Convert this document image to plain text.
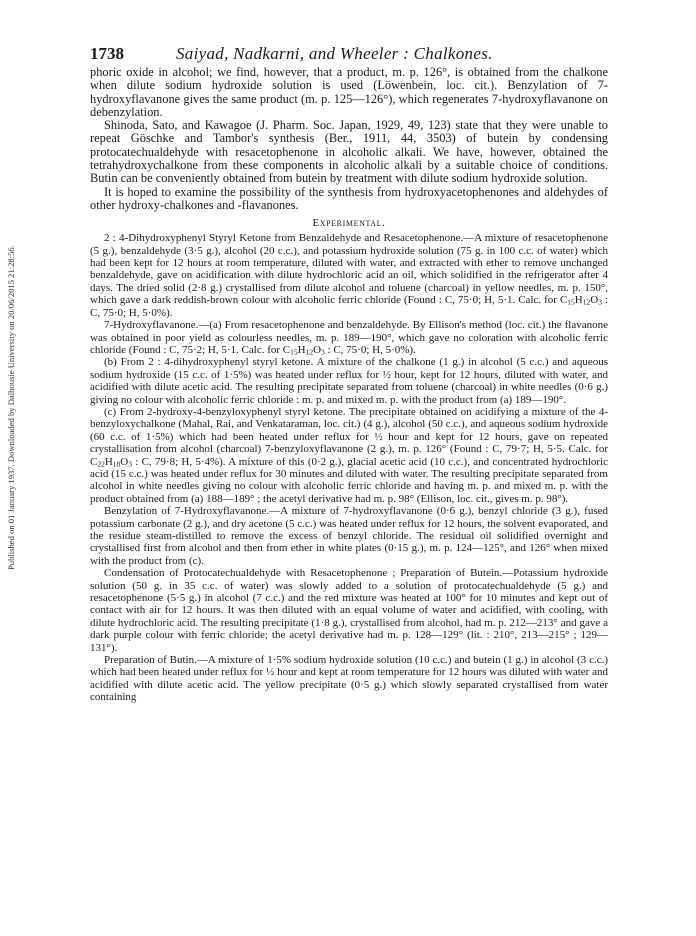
Published on 01 January 1937. Downloaded by Dalhousie University on 20/06/2015 21:28:56.
1738	Saiyad, Nadkarni, and Wheeler : Chalkones.

phoric oxide in alcohol; we find, however, that a product, m. p. 126°, is obtained from the chalkone when dilute sodium hydroxide solution is used (Löwenbein, loc. cit.). Benzylation of 7-hydroxyflavanone gives the same product (m. p. 125—126°), which regenerates 7-hydroxyflavanone on debenzylation.

Shinoda, Sato, and Kawagoe (J. Pharm. Soc. Japan, 1929, 49, 123) state that they were unable to repeat Göschke and Tambor's synthesis (Ber., 1911, 44, 3503) of butein by condensing protocatechualdehyde with resacetophenone in alcoholic alkali. We have, however, obtained the tetrahydroxychalkone from these components in alcoholic alkali by a suitable choice of conditions. Butin can be conveniently obtained from butein by treatment with dilute sodium hydroxide solution.

It is hoped to examine the possibility of the synthesis from hydroxyacetophenones and aldehydes of other hydroxy-chalkones and -flavanones.

Experimental.

2 : 4-Dihydroxyphenyl Styryl Ketone from Benzaldehyde and Resacetophenone.—A mixture of resacetophenone (5 g.), benzaldehyde (3·5 g.), alcohol (20 c.c.), and potassium hydroxide solution (75 g. in 100 c.c. of water) which had been kept for 12 hours at room temperature, diluted with water, and extracted with ether to remove unchanged benzaldehyde, gave on acidification with dilute hydrochloric acid an oil, which solidified in the refrigerator after 4 days. The dried solid (2·8 g.) crystallised from dilute alcohol and toluene (charcoal) in yellow needles, m. p. 150°, which gave a dark reddish-brown colour with alcoholic ferric chloride (Found : C, 75·0; H, 5·1. Calc. for $C_{15}H_{12}O_3$ : C, 75·0; H, 5·0%).

7-Hydroxyflavanone.—(a) From resacetophenone and benzaldehyde. By Ellison's method (loc. cit.) the flavanone was obtained in poor yield as colourless needles, m. p. 189—190°, which gave no coloration with alcoholic ferric chloride (Found : C, 75·2; H, 5·1. Calc. for $C_{15}H_{12}O_3$ : C, 75·0; H, 5·0%).

(b) From 2 : 4-dihydroxyphenyl styryl ketone. A mixture of the chalkone (1 g.) in alcohol (5 c.c.) and aqueous sodium hydroxide (15 c.c. of 1·5%) was heated under reflux for ½ hour, kept for 12 hours, diluted with water, and acidified with dilute acetic acid. The resulting precipitate separated from toluene (charcoal) in white needles (0·6 g.) giving no colour with alcoholic ferric chloride : m. p. and mixed m. p. with the product from (a) 189—190°.

(c) From 2-hydroxy-4-benzyloxyphenyl styryl ketone. The precipitate obtained on acidifying a mixture of the 4-benzyloxychalkone (Mahal, Rai, and Venkataraman, loc. cit.) (4 g.), alcohol (50 c.c.), and aqueous sodium hydroxide (60 c.c. of 1·5%) which had been heated under reflux for ½ hour and kept for 12 hours, gave on repeated crystallisation from alcohol (charcoal) 7-benzyloxyflavanone (2 g.), m. p. 126° (Found : C, 79·7; H, 5·5. Calc. for $C_{22}H_{18}O_3$ : C, 79·8; H, 5·4%). A mixture of this (0·2 g.), glacial acetic acid (10 c.c.), and concentrated hydrochloric acid (15 c.c.) was heated under reflux for 30 minutes and diluted with water. The resulting precipitate separated from alcohol in white needles giving no colour with alcoholic ferric chloride and having m. p. and mixed m. p. with the product obtained from (a) 188—189° ; the acetyl derivative had m. p. 98° (Ellison, loc. cit., gives m. p. 98°).

Benzylation of 7-Hydroxyflavanone.—A mixture of 7-hydroxyflavanone (0·6 g.), benzyl chloride (3 g.), fused potassium carbonate (2 g.), and dry acetone (5 c.c.) was heated under reflux for 12 hours, the solvent evaporated, and the residue steam-distilled to remove the excess of benzyl chloride. The residual oil solidified overnight and crystallised first from alcohol and then from ether in white plates (0·15 g.), m. p. 124—125°, and 126° when mixed with the product from (c).

Condensation of Protocatechualdehyde with Resacetophenone ; Preparation of Butein.—Potassium hydroxide solution (50 g. in 35 c.c. of water) was slowly added to a solution of protocatechualdehyde (5 g.) and resacetophenone (5·5 g.) in alcohol (7 c.c.) and the red mixture was heated at 100° for 10 minutes and kept out of contact with air for 12 hours. It was then diluted with an equal volume of water and acidified, with cooling, with dilute hydrochloric acid. The resulting precipitate (1·8 g.), crystallised from alcohol, had m. p. 212—213° and gave a dark purple colour with ferric chloride; the acetyl derivative had m. p. 128—129° (lit. : 210°, 213—215° ; 129—131°).

Preparation of Butin.—A mixture of 1·5% sodium hydroxide solution (10 c.c.) and butein (1 g.) in alcohol (3 c.c.) which had been heated under reflux for ½ hour and kept at room temperature for 12 hours was diluted with water and acidified with dilute acetic acid. The yellow precipitate (0·5 g.) which slowly separated crystallised from water containing
